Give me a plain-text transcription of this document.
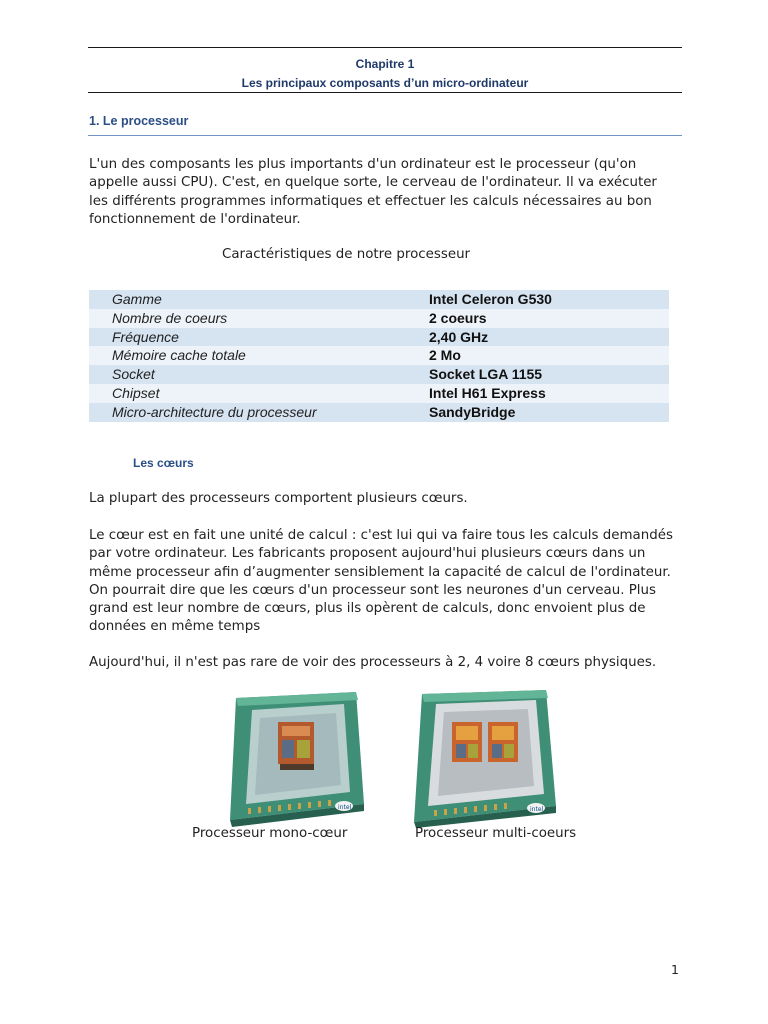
Chapitre 1
Les principaux composants d’un micro-ordinateur
1. Le processeur

L'un des composants les plus importants d'un ordinateur est le processeur (qu'on appelle aussi CPU). C'est, en quelque sorte, le cerveau de l'ordinateur. Il va exécuter les différents programmes informatiques et effectuer les calculs nécessaires au bon fonctionnement de l'ordinateur.

Caractéristiques de notre processeur
Gamme	Intel Celeron G530
Nombre de coeurs	2 coeurs
Fréquence	2,40 GHz
Mémoire cache totale	2 Mo
Socket	Socket LGA 1155
Chipset	Intel H61 Express
Micro-architecture du processeur	SandyBridge
Les cœurs

La plupart des processeurs comportent plusieurs cœurs.

Le cœur est en fait une unité de calcul : c'est lui qui va faire tous les calculs demandés par votre ordinateur. Les fabricants proposent aujourd'hui plusieurs cœurs dans un même processeur afin d’augmenter sensiblement la capacité de calcul de l'ordinateur. On pourrait dire que les cœurs d'un processeur sont les neurones d'un cerveau. Plus grand est leur nombre de cœurs, plus ils opèrent de calculs, donc envoient plus de données en même temps

Aujourd'hui, il n'est pas rare de voir des processeurs à 2, 4 voire 8 cœurs physiques.

intel	intel
Processeur mono-cœur	Processeur multi-coeurs
1
